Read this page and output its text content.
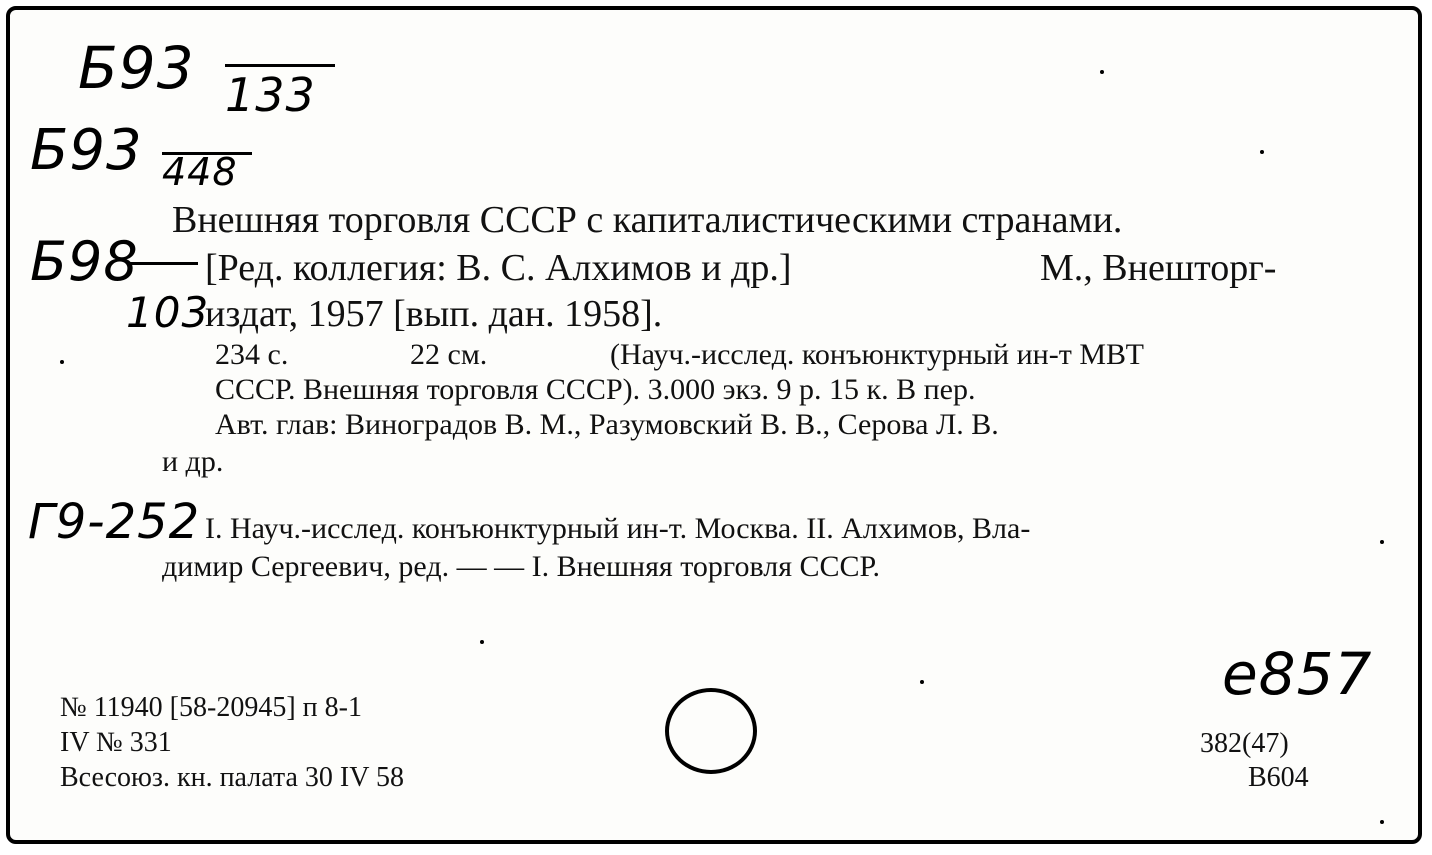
Б93 133
Б93 448
Б98
103
Внешняя торговля СССР с капиталистическими странами.
[Ред. коллегия: В. С. Алхимов и др.]	М., Внешторг-
издат, 1957 [вып. дан. 1958].
234 с.	22 см.	(Науч.-исслед. конъюнктурный ин-т МВТ
СССР. Внешняя торговля СССР). 3.000 экз. 9 р. 15 к. В пер.
Авт. глав: Виноградов В. М., Разумовский В. В., Серова Л. В.
и др.
Г9-252 I. Науч.-исслед. конъюнктурный ин-т. Москва. II. Алхимов, Вла-
димир Сергеевич, ред. — — I. Внешняя торговля СССР.
№ 11940 [58-20945] п 8-1
IV № 331
Всесоюз. кн. палата 30 IV 58
e857
382(47)
В604
